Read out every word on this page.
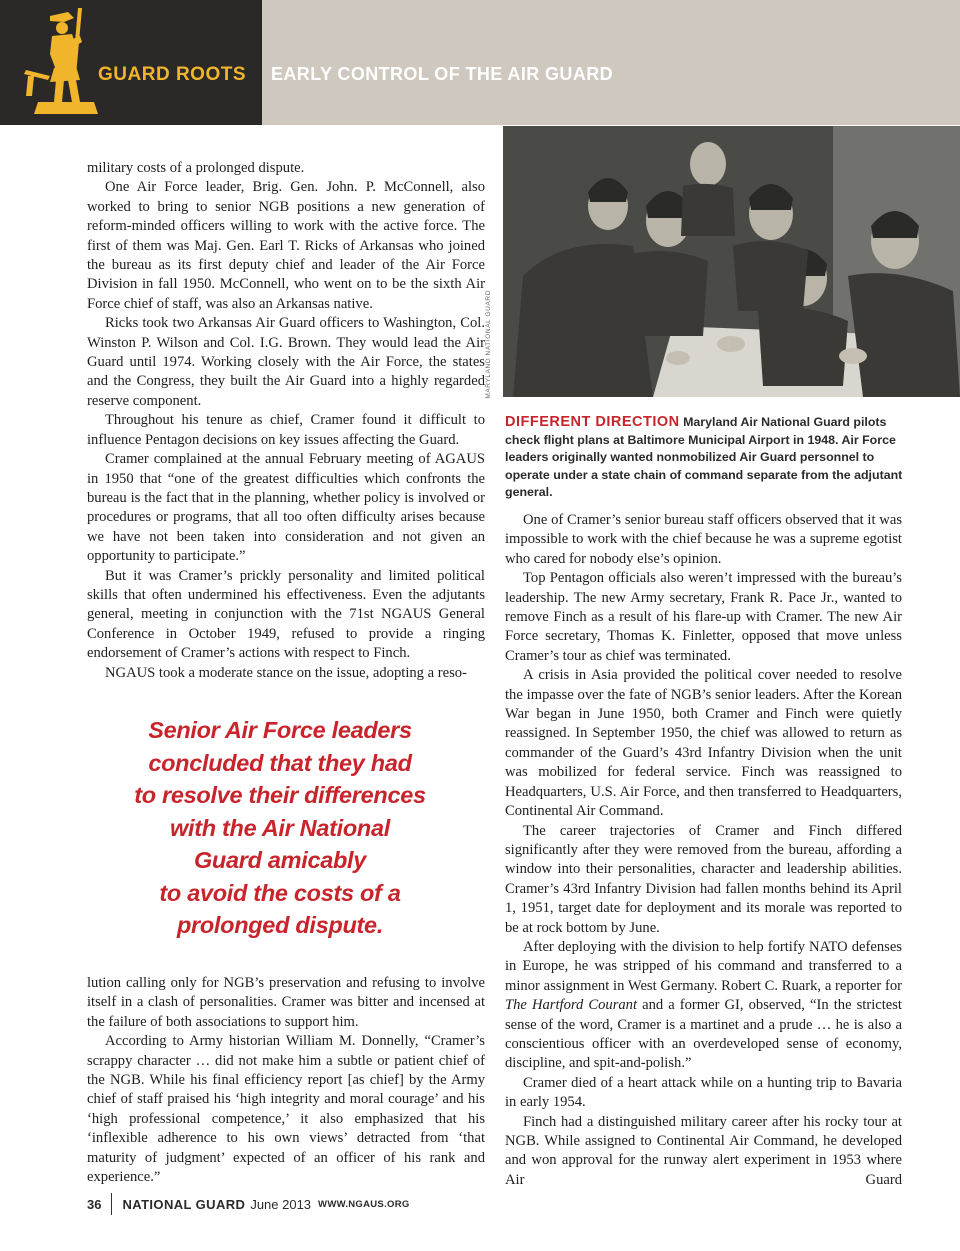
GUARD ROOTS EARLY CONTROL OF THE AIR GUARD

military costs of a prolonged dispute.

One Air Force leader, Brig. Gen. John. P. McConnell, also worked to bring to senior NGB positions a new generation of reform-minded officers willing to work with the active force. The first of them was Maj. Gen. Earl T. Ricks of Arkansas who joined the bureau as its first deputy chief and leader of the Air Force Division in fall 1950. McConnell, who went on to be the sixth Air Force chief of staff, was also an Arkansas native.

Ricks took two Arkansas Air Guard officers to Washington, Col. Winston P. Wilson and Col. I.G. Brown. They would lead the Air Guard until 1974. Working closely with the Air Force, the states and the Congress, they built the Air Guard into a highly regarded reserve component.

Throughout his tenure as chief, Cramer found it difficult to influence Pentagon decisions on key issues affecting the Guard.

Cramer complained at the annual February meeting of AGAUS in 1950 that “one of the greatest difficulties which confronts the bureau is the fact that in the planning, whether policy is involved or procedures or programs, that all too often difficulty arises because we have not been taken into consideration and not given an opportunity to participate.”

But it was Cramer’s prickly personality and limited political skills that often undermined his effectiveness. Even the adjutants general, meeting in conjunction with the 71st NGAUS General Conference in October 1949, refused to provide a ringing endorsement of Cramer’s actions with respect to Finch.

NGAUS took a moderate stance on the issue, adopting a reso-

Senior Air Force leaders
concluded that they had
to resolve their differences
with the Air National
Guard amicably
to avoid the costs of a
prolonged dispute.

lution calling only for NGB’s preservation and refusing to involve itself in a clash of personalities. Cramer was bitter and incensed at the failure of both associations to support him.

According to Army historian William M. Donnelly, “Cramer’s scrappy character … did not make him a subtle or patient chief of the NGB. While his final efficiency report [as chief] by the Army chief of staff praised his ‘high integrity and moral courage’ and his ‘high professional competence,’ it also emphasized that his ‘inflexible adherence to his own views’ detracted from ‘that maturity of judgment’ expected of an officer of his rank and experience.”

MARYLAND NATIONAL GUARD
DIFFERENT DIRECTION Maryland Air National Guard pilots check flight plans at Baltimore Municipal Airport in 1948. Air Force leaders originally wanted nonmobilized Air Guard personnel to operate under a state chain of command separate from the adjutant general.

One of Cramer’s senior bureau staff officers observed that it was impossible to work with the chief because he was a supreme egotist who cared for nobody else’s opinion.

Top Pentagon officials also weren’t impressed with the bureau’s leadership. The new Army secretary, Frank R. Pace Jr., wanted to remove Finch as a result of his flare-up with Cramer. The new Air Force secretary, Thomas K. Finletter, opposed that move unless Cramer’s tour as chief was terminated.

A crisis in Asia provided the political cover needed to resolve the impasse over the fate of NGB’s senior leaders. After the Korean War began in June 1950, both Cramer and Finch were quietly reassigned. In September 1950, the chief was allowed to return as commander of the Guard’s 43rd Infantry Division when the unit was mobilized for federal service. Finch was reassigned to Headquarters, U.S. Air Force, and then transferred to Headquarters, Continental Air Command.

The career trajectories of Cramer and Finch differed significantly after they were removed from the bureau, affording a window into their personalities, character and leadership abilities. Cramer’s 43rd Infantry Division had fallen months behind its April 1, 1951, target date for deployment and its morale was reported to be at rock bottom by June.

After deploying with the division to help fortify NATO defenses in Europe, he was stripped of his command and transferred to a minor assignment in West Germany. Robert C. Ruark, a reporter for The Hartford Courant and a former GI, observed, “In the strictest sense of the word, Cramer is a martinet and a prude … he is also a conscientious officer with an overdeveloped sense of economy, discipline, and spit-and-polish.”

Cramer died of a heart attack while on a hunting trip to Bavaria in early 1954.

Finch had a distinguished military career after his rocky tour at NGB. While assigned to Continental Air Command, he developed and won approval for the runway alert experiment in 1953 where Air Guard

36 NATIONAL GUARD June 2013 WWW.NGAUS.ORG
